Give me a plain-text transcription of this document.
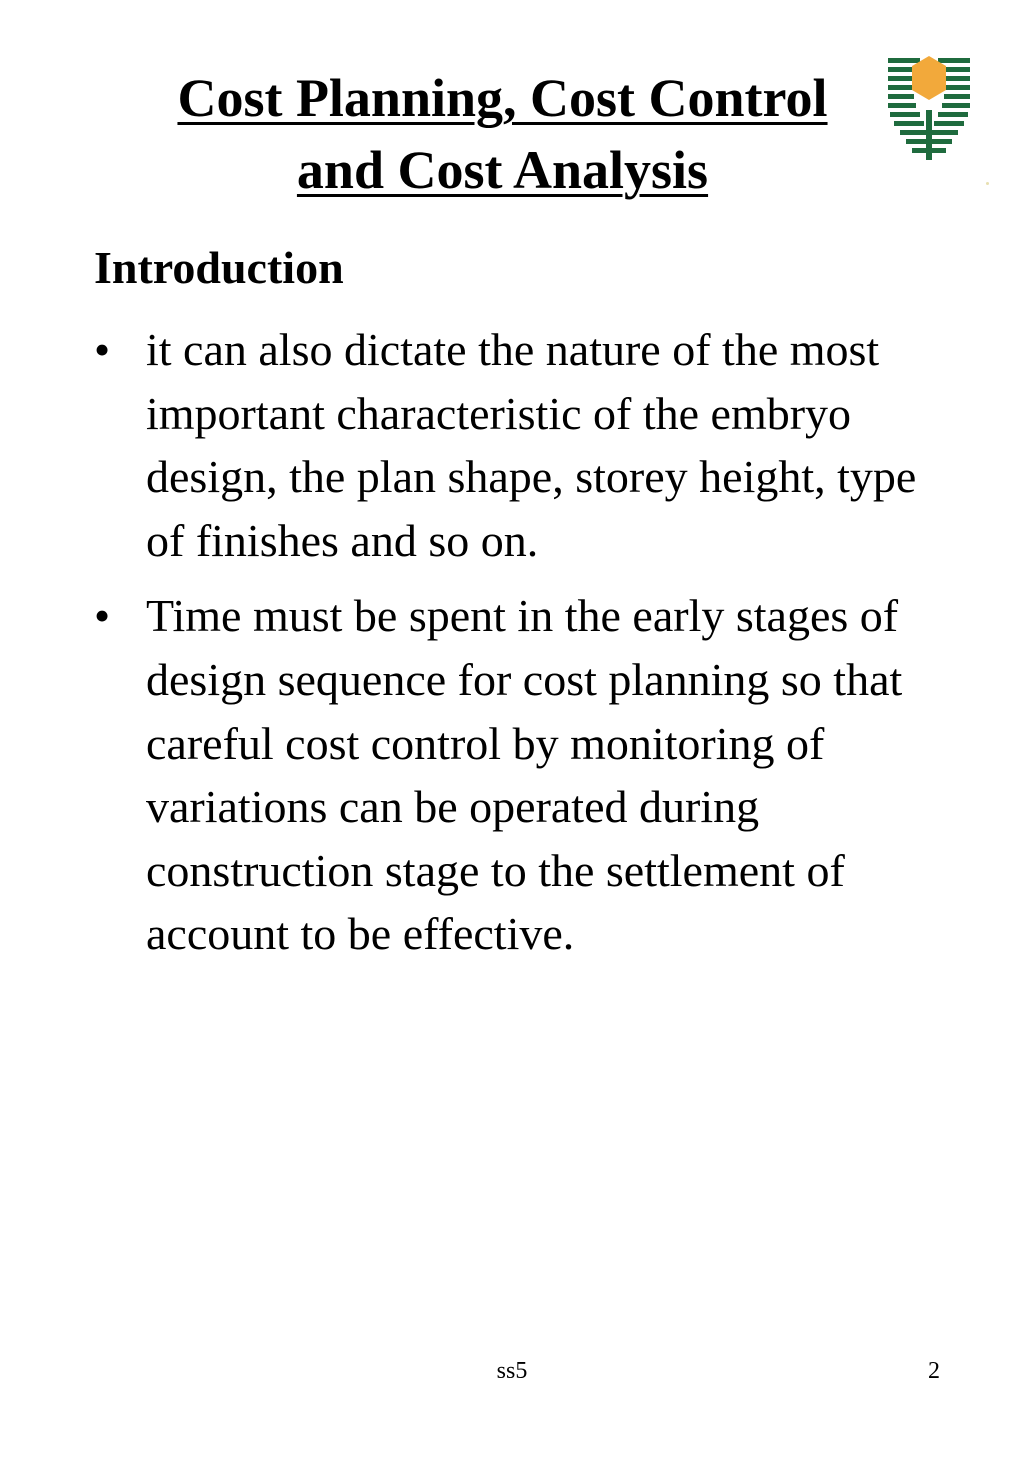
Cost Planning, Cost Control
and Cost Analysis
Introduction
• it can also dictate the nature of the most important characteristic of the embryo design, the plan shape, storey height, type of finishes and so on.
• Time must be spent in the early stages of design sequence for cost planning so that careful cost control by monitoring of variations can be operated during construction stage to the settlement of account to be effective.
ss5	2
